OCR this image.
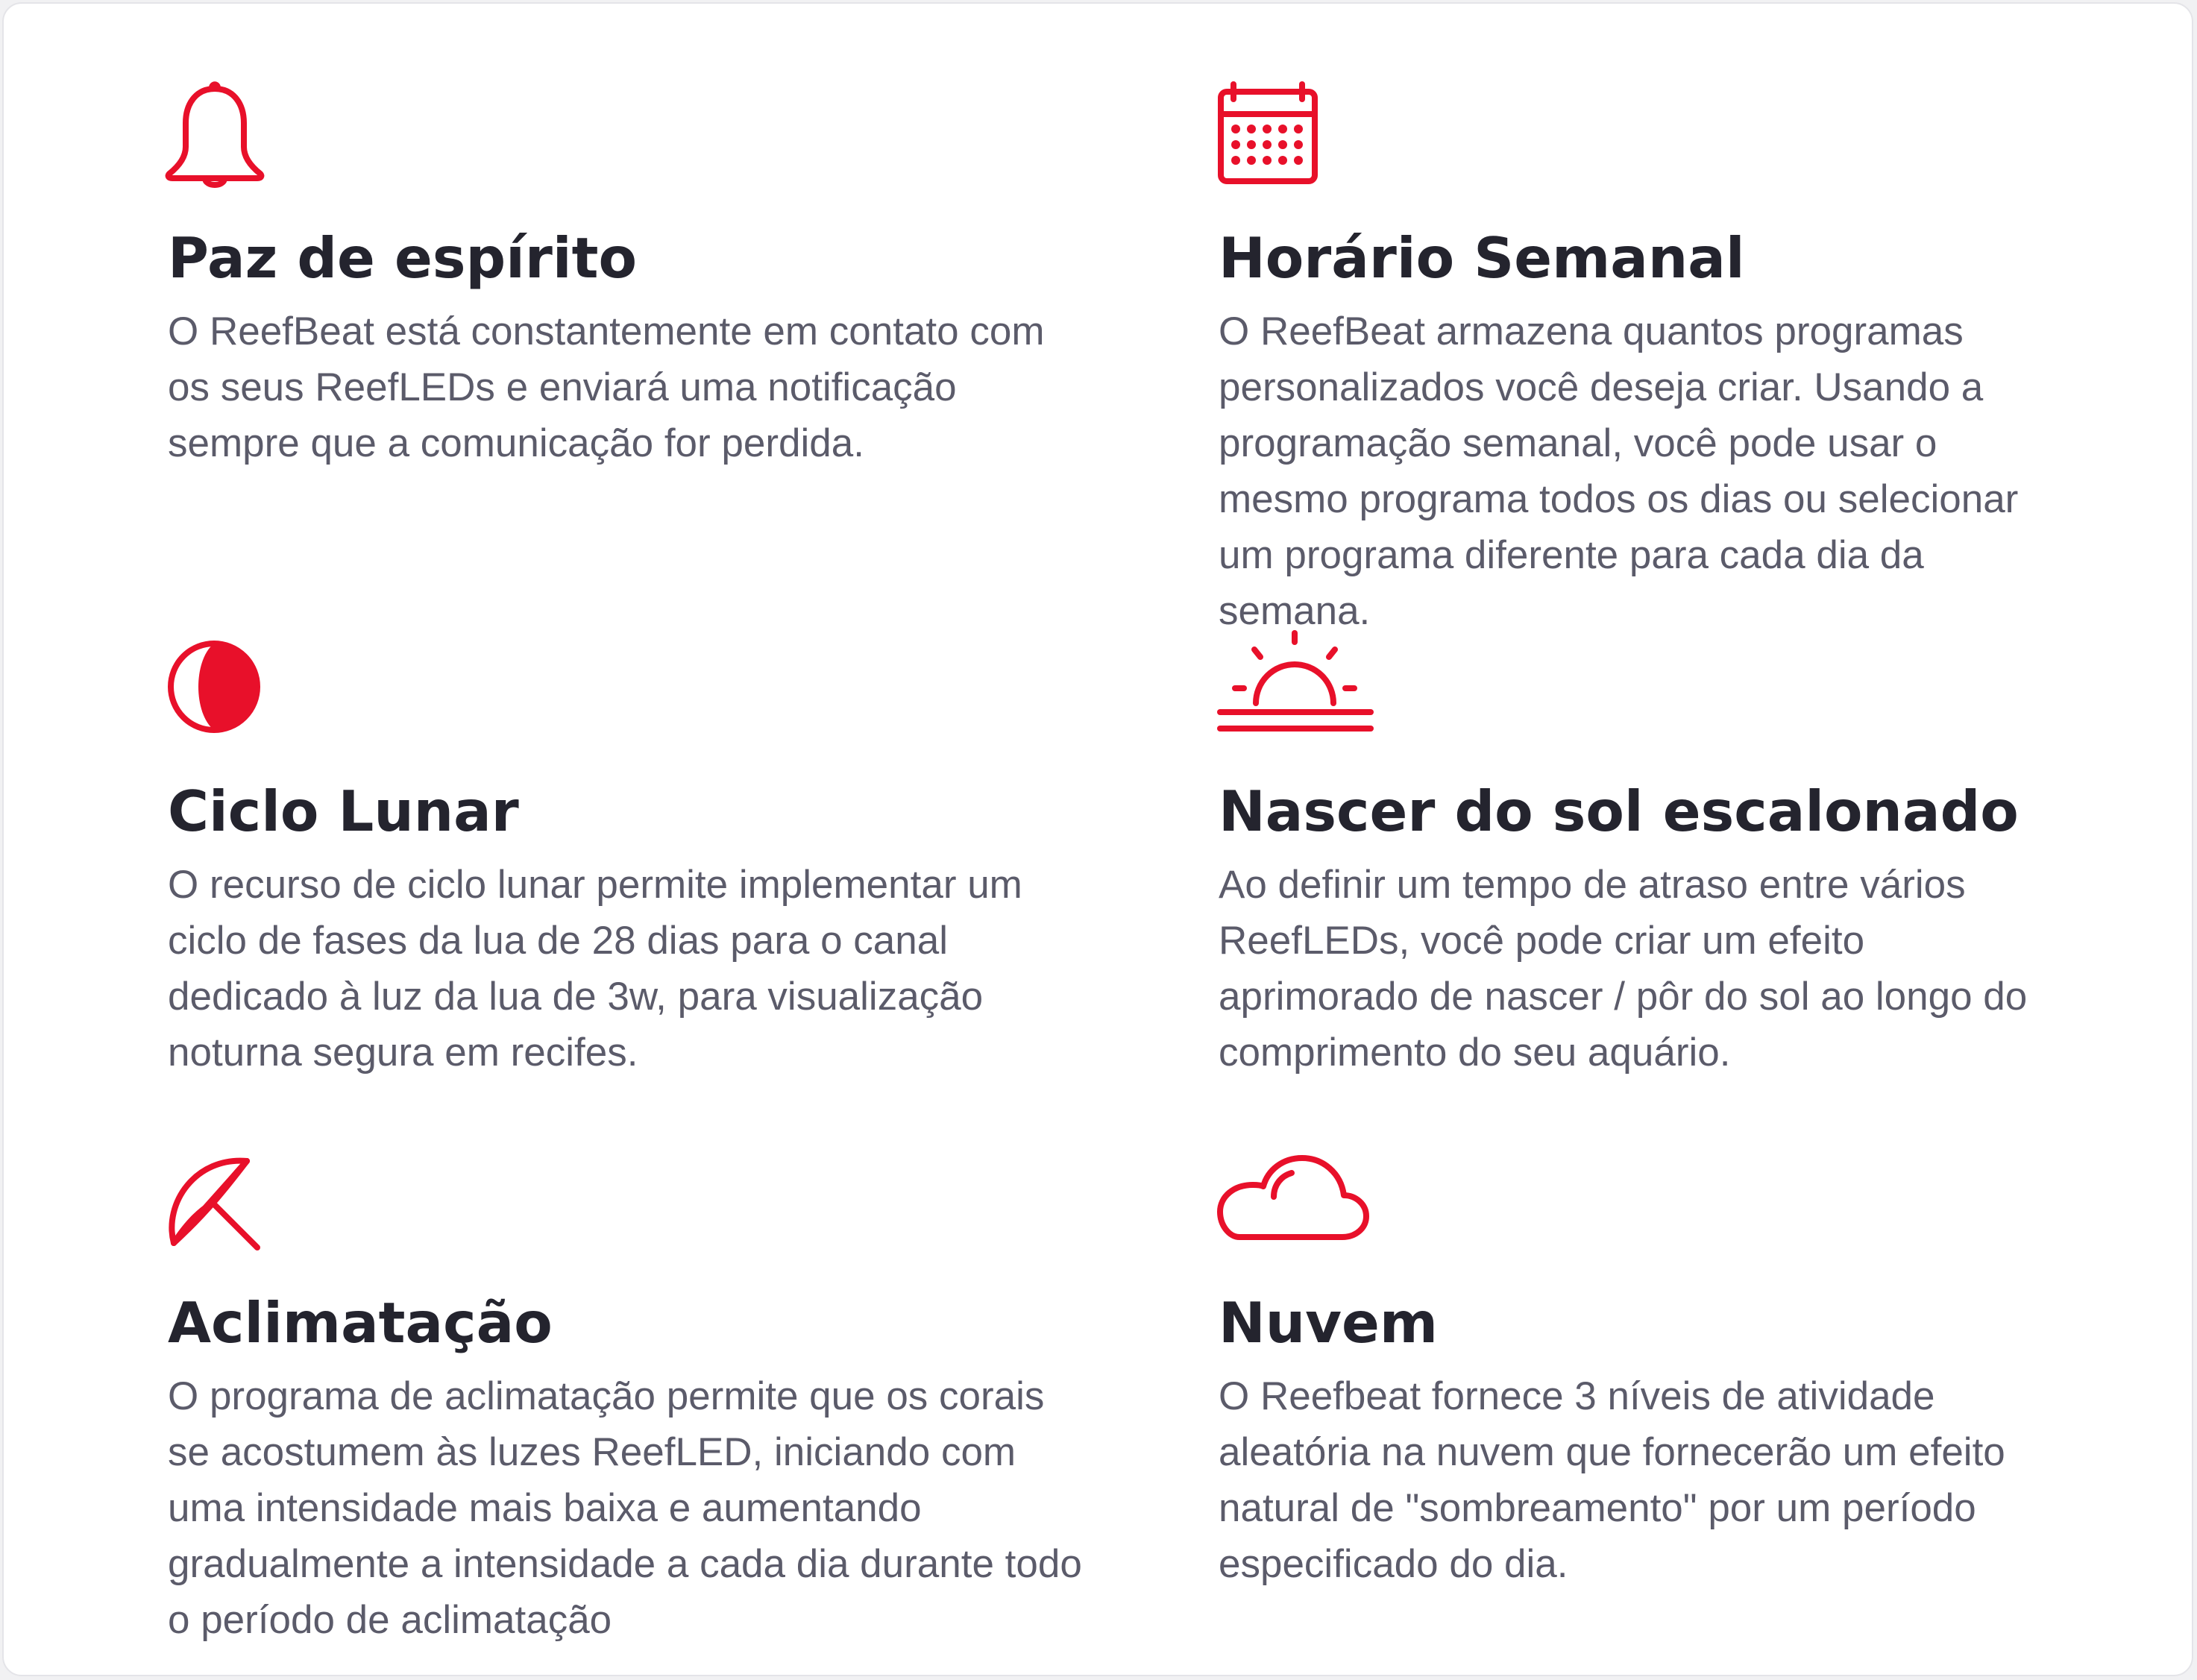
Paz de espírito

O ReefBeat está constantemente em contato com os seus ReefLEDs e enviará uma notificação sempre que a comunicação for perdida.

Horário Semanal

O ReefBeat armazena quantos programas personalizados você deseja criar. Usando a programação semanal, você pode usar o mesmo programa todos os dias ou selecionar um programa diferente para cada dia da semana.

Ciclo Lunar

O recurso de ciclo lunar permite implementar um ciclo de fases da lua de 28 dias para o canal dedicado à luz da lua de 3w, para visualização noturna segura em recifes.

Nascer do sol escalonado

Ao definir um tempo de atraso entre vários ReefLEDs, você pode criar um efeito aprimorado de nascer / pôr do sol ao longo do comprimento do seu aquário.

Aclimatação

O programa de aclimatação permite que os corais se acostumem às luzes ReefLED, iniciando com uma intensidade mais baixa e aumentando gradualmente a intensidade a cada dia durante todo o período de aclimatação

Nuvem

O Reefbeat fornece 3 níveis de atividade aleatória na nuvem que fornecerão um efeito natural de "sombreamento" por um período especificado do dia.
